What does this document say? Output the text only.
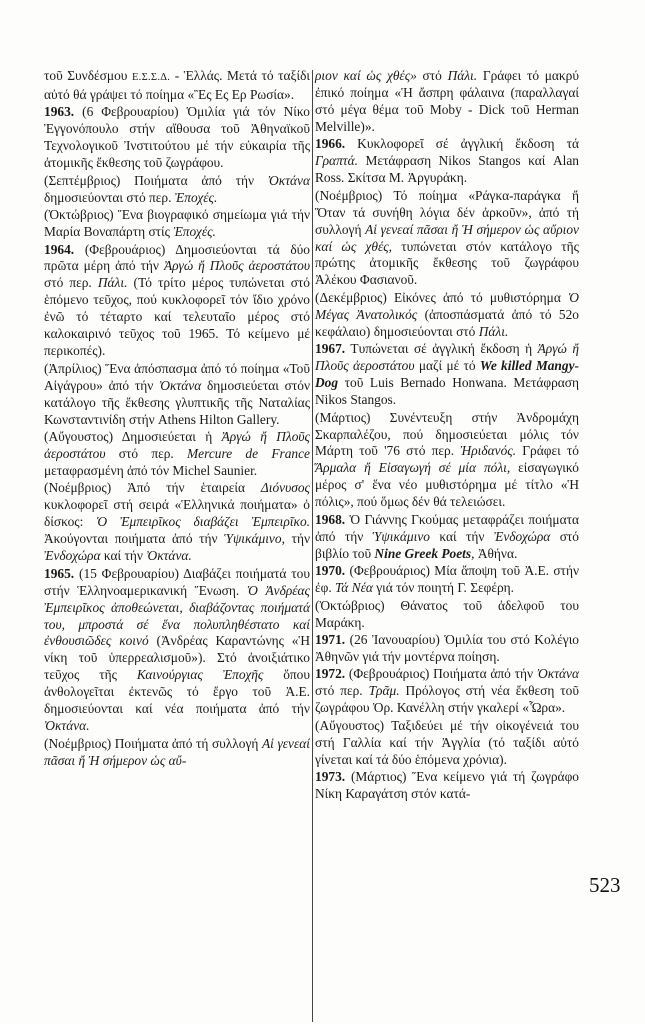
τοῦ Συνδέσμου Ε.Σ.Σ.Δ. - Ἑλλάς. Μετά τό ταξίδι αὐτό θά γράψει τό ποίημα «Ἒς Ες Ερ Ρωσία».

1963. (6 Φεβρουαρίου) Ὁμιλία γιά τόν Νίκο Ἐγγονόπουλο στήν αἴθουσα τοῦ Ἀθηναϊκοῦ Τεχνολογικοῦ Ἰνστιτούτου μέ τήν εὐκαιρία τῆς ἀτομικῆς ἔκθεσης τοῦ ζωγράφου.

(Σεπτέμβριος) Ποιήματα ἀπό τήν Ὀκτάνα δημοσιεύονται στό περ. Ἐποχές.

(Ὀκτώβριος) Ἕνα βιογραφικό σημείωμα γιά τήν Μαρία Βοναπάρτη στίς Ἐποχές.

1964. (Φεβρουάριος) Δημοσιεύονται τά δύο πρῶτα μέρη ἀπό τήν Ἀργώ ἤ Πλοῦς ἀεροστάτου στό περ. Πάλι. (Τό τρίτο μέρος τυπώνεται στό ἑπόμενο τεῦχος, πού κυκλοφορεῖ τόν ἴδιο χρόνο ἐνῶ τό τέταρτο καί τελευταῖο μέρος στό καλοκαιρινό τεῦχος τοῦ 1965. Τό κείμενο μέ περικοπές).

(Ἀπρίλιος) Ἕνα ἀπόσπασμα ἀπό τό ποίημα «Τοῦ Αἰγάγρου» ἀπό τήν Ὀκτάνα δημοσιεύεται στόν κατάλογο τῆς ἔκθεσης γλυπτικῆς τῆς Ναταλίας Κωνσταντινίδη στήν Athens Hilton Gallery.

(Αὔγουστος) Δημοσιεύεται ἡ Ἀργώ ἤ Πλοῦς ἀεροστάτου στό περ. Mercure de France μεταφρασμένη ἀπό τόν Michel Saunier.

(Νοέμβριος) Ἀπό τήν ἑταιρεία Διόνυσος κυκλοφορεῖ στή σειρά «Ἑλληνικά ποιήματα» ὁ δίσκος: Ὁ Ἐμπειρῖκος διαβάζει Ἐμπειρῖκο. Ἀκούγονται ποιήματα ἀπό τήν Ὑψικάμινο, τήν Ἐνδοχώρα καί τήν Ὀκτάνα.

1965. (15 Φεβρουαρίου) Διαβάζει ποιήματά του στήν Ἑλληνοαμερικανική Ἕνωση. Ὁ Ἀνδρέας Ἐμπειρῖκος ἀποθεώνεται, διαβάζοντας ποιήματά του, μπροστά σέ ἕνα πολυπληθέστατο καί ἐνθουσιῶδες κοινό (Ἀνδρέας Καραντώνης «Ἡ νίκη τοῦ ὑπερρεαλισμοῦ»). Στό ἀνοιξιάτικο τεῦχος τῆς Καινούργιας Ἐποχῆς ὅπου ἀνθολογεῖται ἐκτενῶς τό ἔργο τοῦ Ἀ.Ε. δημοσιεύονται καί νέα ποιήματα ἀπό τήν Ὀκτάνα.

(Νοέμβριος) Ποιήματα ἀπό τή συλλογή Αἱ γενεαί πᾶσαι ἤ Ἡ σήμερον ὡς αὔ-

ριον καί ὡς χθές» στό Πάλι. Γράφει τό μακρύ ἐπικό ποίημα «Ἡ ἄσπρη φάλαινα (παραλλαγαί στό μέγα θέμα τοῦ Moby - Dick τοῦ Herman Melville)».

1966. Κυκλοφορεῖ σέ ἀγγλική ἔκδοση τά Γραπτά. Μετάφραση Nikos Stangos καί Alan Ross. Σκίτσα Μ. Ἀργυράκη.

(Νοέμβριος) Τό ποίημα «Ράγκα-παράγκα ἤ Ὅταν τά συνήθη λόγια δέν ἀρκοῦν», ἀπό τή συλλογή Αἱ γενεαί πᾶσαι ἤ Ἡ σήμερον ὡς αὔριον καί ὡς χθές, τυπώνεται στόν κατάλογο τῆς πρώτης ἀτομικῆς ἔκθεσης τοῦ ζωγράφου Ἀλέκου Φασιανοῦ.

(Δεκέμβριος) Εἰκόνες ἀπό τό μυθιστόρημα Ὁ Μέγας Ἀνατολικός (ἀποσπάσματά ἀπό τό 52ο κεφάλαιο) δημοσιεύονται στό Πάλι.

1967. Τυπώνεται σέ ἀγγλική ἔκδοση ἡ Ἀργώ ἤ Πλοῦς ἀεροστάτου μαζί μέ τό We killed Mangy-Dog τοῦ Luis Bernado Honwana. Μετάφραση Nikos Stangos.

(Μάρτιος) Συνέντευξη στήν Ἀνδρομάχη Σκαρπαλέζου, πού δημοσιεύεται μόλις τόν Μάρτη τοῦ '76 στό περ. Ἠριδανός. Γράφει τό Ἅρμαλα ἤ Εἰσαγωγή σέ μία πόλι, εἰσαγωγικό μέρος σ' ἕνα νέο μυθιστόρημα μέ τίτλο «Ἡ πόλις», πού ὅμως δέν θά τελειώσει.

1968. Ὁ Γιάννης Γκούμας μεταφράζει ποιήματα ἀπό τήν Ὑψικάμινο καί τήν Ἐνδοχώρα στό βιβλίο τοῦ Nine Greek Poets, Ἀθήνα.

1970. (Φεβρουάριος) Μία ἄποψη τοῦ Ἀ.Ε. στήν ἐφ. Τά Νέα γιά τόν ποιητή Γ. Σεφέρη.

(Ὀκτώβριος) Θάνατος τοῦ ἀδελφοῦ του Μαράκη.

1971. (26 Ἰανουαρίου) Ὁμιλία του στό Κολέγιο Ἀθηνῶν γιά τήν μοντέρνα ποίηση.

1972. (Φεβρουάριος) Ποιήματα ἀπό τήν Ὀκτάνα στό περ. Τρᾶμ. Πρόλογος στή νέα ἔκθεση τοῦ ζωγράφου Ὀρ. Κανέλλη στήν γκαλερί «Ὧρα».

(Αὔγουστος) Ταξιδεύει μέ τήν οἰκογένειά του στή Γαλλία καί τήν Ἀγγλία (τό ταξίδι αὐτό γίνεται καί τά δύο ἑπόμενα χρόνια).

1973. (Μάρτιος) Ἕνα κείμενο γιά τή ζωγράφο Νίκη Καραγάτση στόν κατά-

523
